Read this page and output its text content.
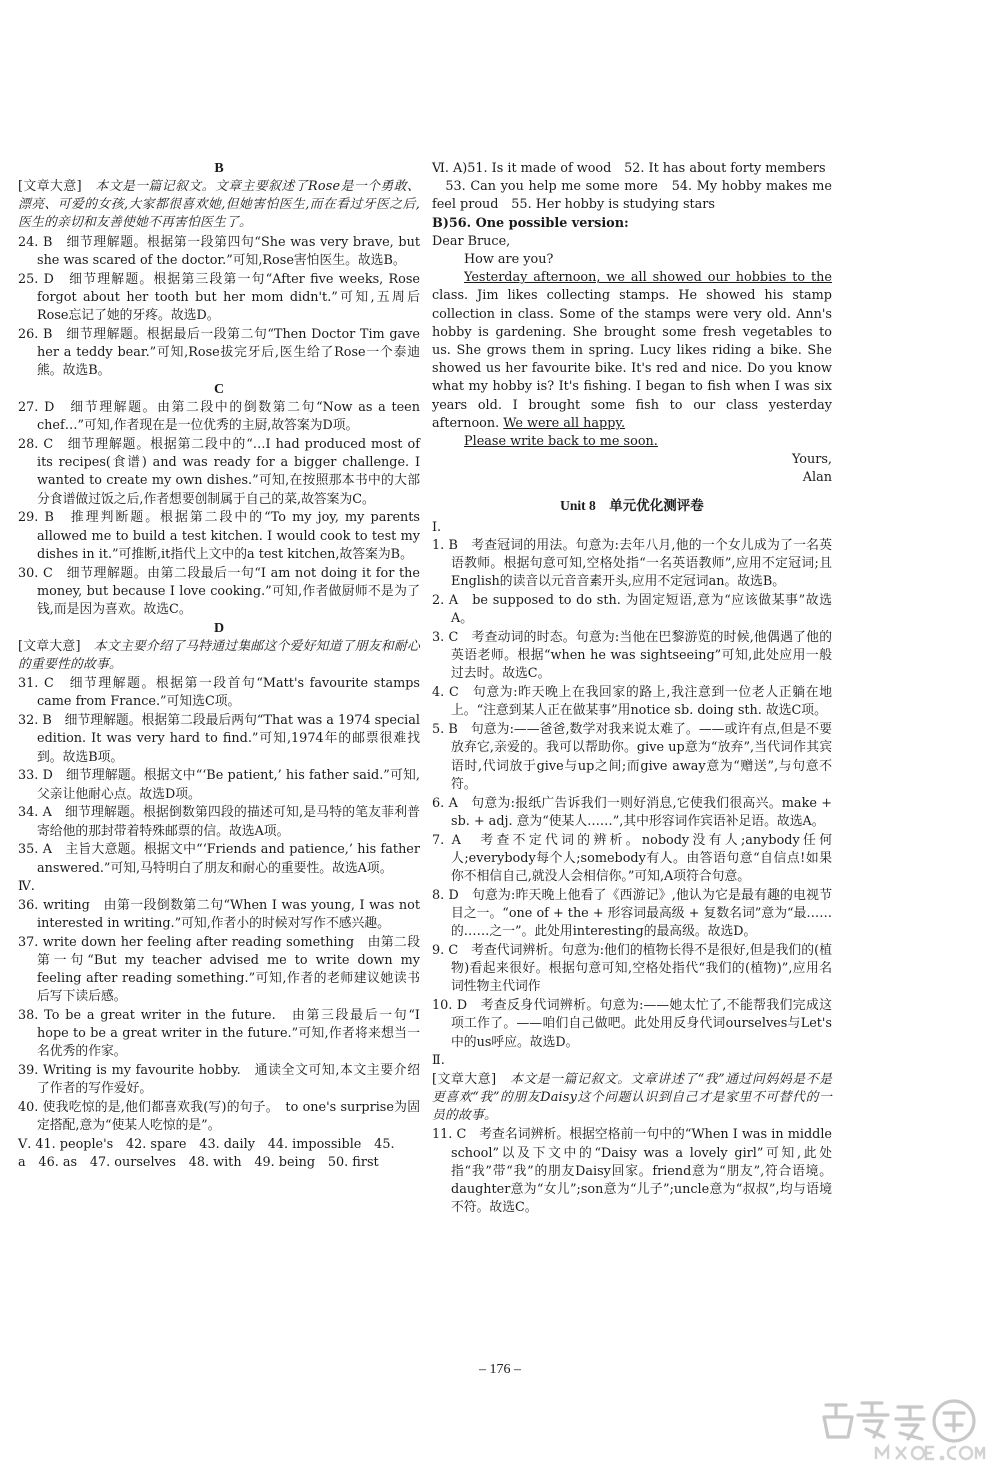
B

[文章大意]　 本文是一篇记叙文。文章主要叙述了Rose是一个勇敢、漂亮、可爱的女孩,大家都很喜欢她,但她害怕医生,而在看过牙医之后,医生的亲切和友善使她不再害怕医生了。

24. B　细节理解题。根据第一段第四句“She was very brave, but she was scared of the doctor.”可知,Rose害怕医生。故选B。

25. D　细节理解题。根据第三段第一句“After five weeks, Rose forgot about her tooth but her mom didn't.”可知,五周后Rose忘记了她的牙疼。故选D。

26. B　细节理解题。根据最后一段第二句“Then Doctor Tim gave her a teddy bear.”可知,Rose拔完牙后,医生给了Rose一个泰迪熊。故选B。

C

27. D　细节理解题。由第二段中的倒数第二句“Now as a teen chef…”可知,作者现在是一位优秀的主厨,故答案为D项。

28. C　细节理解题。根据第二段中的“…I had produced most of its recipes(食谱) and was ready for a bigger challenge. I wanted to create my own dishes.”可知,在按照那本书中的大部分食谱做过饭之后,作者想要创制属于自己的菜,故答案为C。

29. B　推理判断题。根据第二段中的“To my joy, my parents allowed me to build a test kitchen. I would cook to test my dishes in it.”可推断,it指代上文中的a test kitchen,故答案为B。

30. C　细节理解题。由第二段最后一句“I am not doing it for the money, but because I love cooking.”可知,作者做厨师不是为了钱,而是因为喜欢。故选C。

D

[文章大意]　 本文主要介绍了马特通过集邮这个爱好知道了朋友和耐心的重要性的故事。

31. C　细节理解题。根据第一段首句“Matt's favourite stamps came from France.”可知选C项。

32. B　细节理解题。根据第二段最后两句“That was a 1974 special edition. It was very hard to find.”可知,1974年的邮票很难找到。故选B项。

33. D　细节理解题。根据文中“‘Be patient,’ his father said.”可知,父亲让他耐心点。故选D项。

34. A　细节理解题。根据倒数第四段的描述可知,是马特的笔友菲利普寄给他的那封带着特殊邮票的信。故选A项。

35. A　主旨大意题。根据文中“‘Friends and patience,’ his father answered.”可知,马特明白了朋友和耐心的重要性。故选A项。

Ⅳ.

36. writing　由第一段倒数第二句“When I was young, I was not interested in writing.”可知,作者小的时候对写作不感兴趣。

37. write down her feeling after reading something　由第二段第一句“But my teacher advised me to write down my feeling after reading something.”可知,作者的老师建议她读书后写下读后感。

38. To be a great writer in the future.　由第三段最后一句“I hope to be a great writer in the future.”可知,作者将来想当一名优秀的作家。

39. Writing is my favourite hobby.　通读全文可知,本文主要介绍了作者的写作爱好。

40. 使我吃惊的是,他们都喜欢我(写)的句子。　to one's surprise为固定搭配,意为“使某人吃惊的是”。

Ⅴ. 41. people's　42. spare　43. daily　44. impossible　45.
a　46. as　47. ourselves　48. with　49. being　50. first

Ⅵ. A)51. Is it made of wood　52. It has about forty members
　53. Can you help me some more　54. My hobby makes me feel proud　55. Her hobby is studying stars

B)56. One possible version:

Dear Bruce,

How are you?

Yesterday afternoon, we all showed our hobbies to the class. Jim likes collecting stamps. He showed his stamp collection in class. Some of the stamps were very old. Ann's hobby is gardening. She brought some fresh vegetables to us. She grows them in spring. Lucy likes riding a bike. She showed us her favourite bike. It's red and nice. Do you know what my hobby is? It's fishing. I began to fish when I was six years old. I brought some fish to our class yesterday afternoon. We were all happy.

Please write back to me soon.

Yours,

Alan

Unit 8　单元优化测评卷

Ⅰ.

1. B　考查冠词的用法。句意为:去年八月,他的一个女儿成为了一名英语教师。根据句意可知,空格处指“一名英语教师”,应用不定冠词;且English的读音以元音音素开头,应用不定冠词an。故选B。

2. A　be supposed to do sth. 为固定短语,意为“应该做某事”故选A。

3. C　考查动词的时态。句意为:当他在巴黎游览的时候,他偶遇了他的英语老师。根据“when he was sightseeing”可知,此处应用一般过去时。故选C。

4. C　句意为:昨天晚上在我回家的路上,我注意到一位老人正躺在地上。“注意到某人正在做某事”用notice sb. doing sth. 故选C项。

5. B　句意为:——爸爸,数学对我来说太难了。——或许有点,但是不要放弃它,亲爱的。我可以帮助你。give up意为“放弃”,当代词作其宾语时,代词放于give与up之间;而give away意为“赠送”,与句意不符。

6. A　句意为:报纸广告诉我们一则好消息,它使我们很高兴。make + sb. + adj. 意为“使某人……”,其中形容词作宾语补足语。故选A。

7. A　考查不定代词的辨析。nobody没有人;anybody任何人;everybody每个人;somebody有人。由答语句意“自信点!如果你不相信自己,就没人会相信你。”可知,A项符合句意。

8. D　句意为:昨天晚上他看了《西游记》,他认为它是最有趣的电视节目之一。“one of + the + 形容词最高级 + 复数名词”意为“最……的……之一”。此处用interesting的最高级。故选D。

9. C　考查代词辨析。句意为:他们的植物长得不是很好,但是我们的(植物)看起来很好。根据句意可知,空格处指代“我们的(植物)”,应用名词性物主代词作

10. D　考查反身代词辨析。句意为:——她太忙了,不能帮我们完成这项工作了。——咱们自己做吧。此处用反身代词ourselves与Let's中的us呼应。故选D。

Ⅱ.

[文章大意]　 本文是一篇记叙文。文章讲述了“我”通过问妈妈是不是更喜欢“我”的朋友Daisy这个问题认识到自己才是家里不可替代的一员的故事。

11. C　考查名词辨析。根据空格前一句中的“When I was in middle school”以及下文中的“Daisy was a lovely girl”可知,此处指“我”带“我”的朋友Daisy回家。friend意为“朋友”,符合语境。daughter意为“女儿”;son意为“儿子”;uncle意为“叔叔”,均与语境不符。故选C。

– 176 –
